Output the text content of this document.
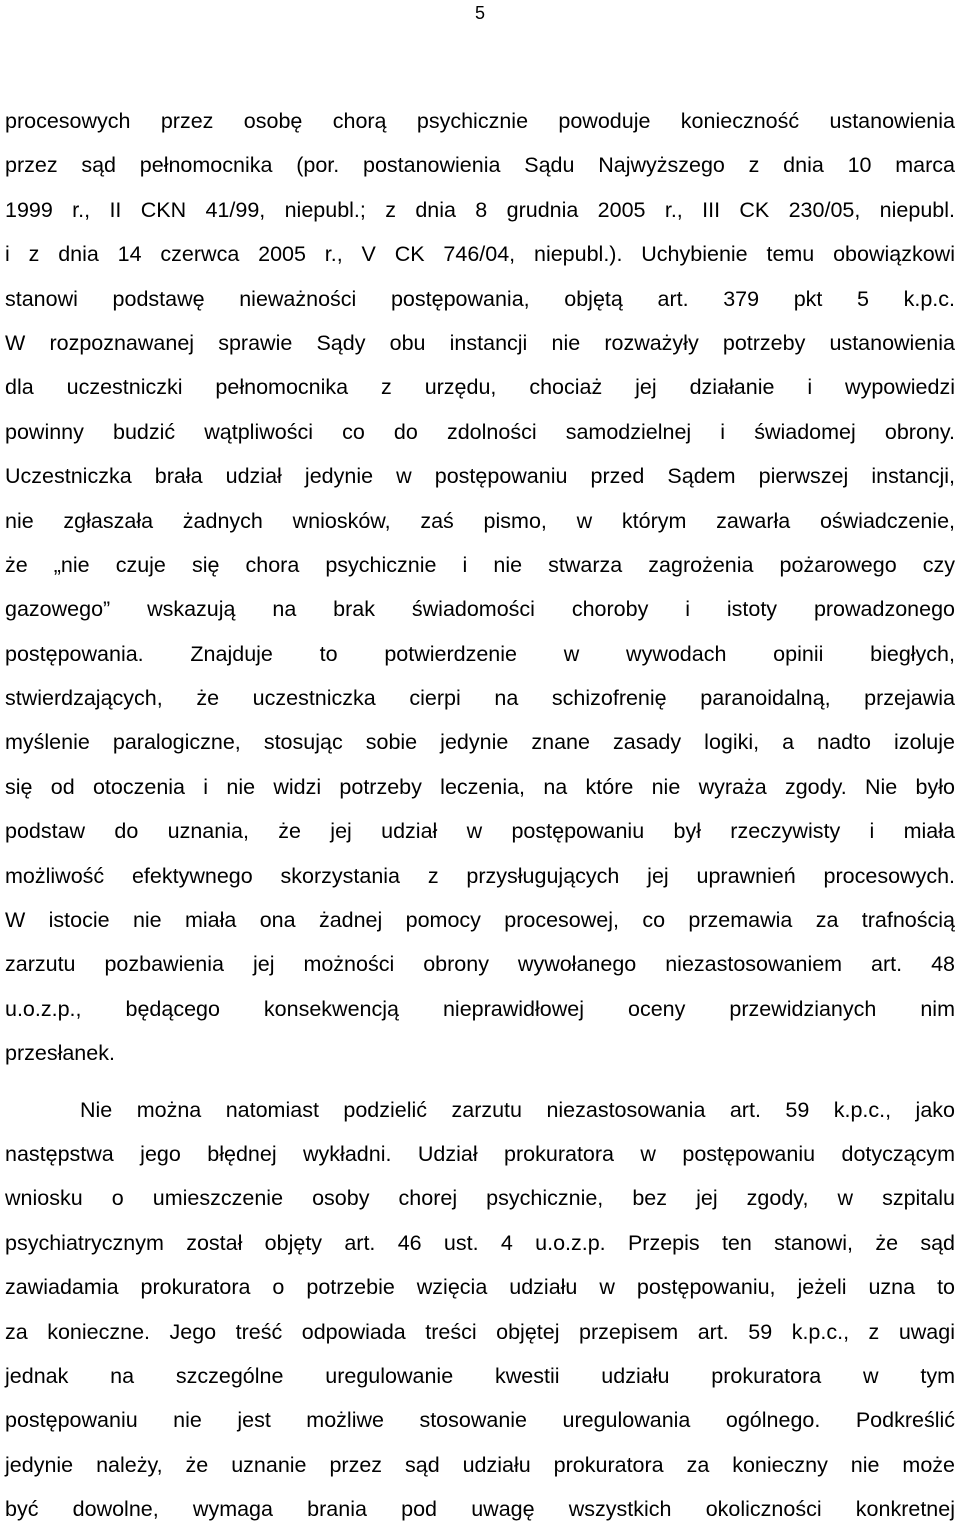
5
procesowych przez osobę chorą psychicznie powoduje konieczność ustanowienia
przez sąd pełnomocnika (por. postanowienia Sądu Najwyższego z dnia 10 marca
1999 r., II CKN 41/99, niepubl.; z dnia 8 grudnia 2005 r., III CK 230/05, niepubl.
i z dnia 14 czerwca 2005 r., V CK 746/04, niepubl.). Uchybienie temu obowiązkowi
stanowi podstawę nieważności postępowania, objętą art. 379 pkt 5 k.p.c.
W rozpoznawanej sprawie Sądy obu instancji nie rozważyły potrzeby ustanowienia
dla uczestniczki pełnomocnika z urzędu, chociaż jej działanie i wypowiedzi
powinny budzić wątpliwości co do zdolności samodzielnej i świadomej obrony.
Uczestniczka brała udział jedynie w postępowaniu przed Sądem pierwszej instancji,
nie zgłaszała żadnych wniosków, zaś pismo, w którym zawarła oświadczenie,
że „nie czuje się chora psychicznie i nie stwarza zagrożenia pożarowego czy
gazowego” wskazują na brak świadomości choroby i istoty prowadzonego
postępowania. Znajduje to potwierdzenie w wywodach opinii biegłych,
stwierdzających, że uczestniczka cierpi na schizofrenię paranoidalną, przejawia
myślenie paralogiczne, stosując sobie jedynie znane zasady logiki, a nadto izoluje
się od otoczenia i nie widzi potrzeby leczenia, na które nie wyraża zgody. Nie było
podstaw do uznania, że jej udział w postępowaniu był rzeczywisty i miała
możliwość efektywnego skorzystania z przysługujących jej uprawnień procesowych.
W istocie nie miała ona żadnej pomocy procesowej, co przemawia za trafnością
zarzutu pozbawienia jej możności obrony wywołanego niezastosowaniem art. 48
u.o.z.p., będącego konsekwencją nieprawidłowej oceny przewidzianych nim
przesłanek.
Nie można natomiast podzielić zarzutu niezastosowania art. 59 k.p.c., jako
następstwa jego błędnej wykładni. Udział prokuratora w postępowaniu dotyczącym
wniosku o umieszczenie osoby chorej psychicznie, bez jej zgody, w szpitalu
psychiatrycznym został objęty art. 46 ust. 4 u.o.z.p. Przepis ten stanowi, że sąd
zawiadamia prokuratora o potrzebie wzięcia udziału w postępowaniu, jeżeli uzna to
za konieczne. Jego treść odpowiada treści objętej przepisem art. 59 k.p.c., z uwagi
jednak na szczególne uregulowanie kwestii udziału prokuratora w tym
postępowaniu nie jest możliwe stosowanie uregulowania ogólnego. Podkreślić
jedynie należy, że uznanie przez sąd udziału prokuratora za konieczny nie może
być dowolne, wymaga brania pod uwagę wszystkich okoliczności konkretnej
